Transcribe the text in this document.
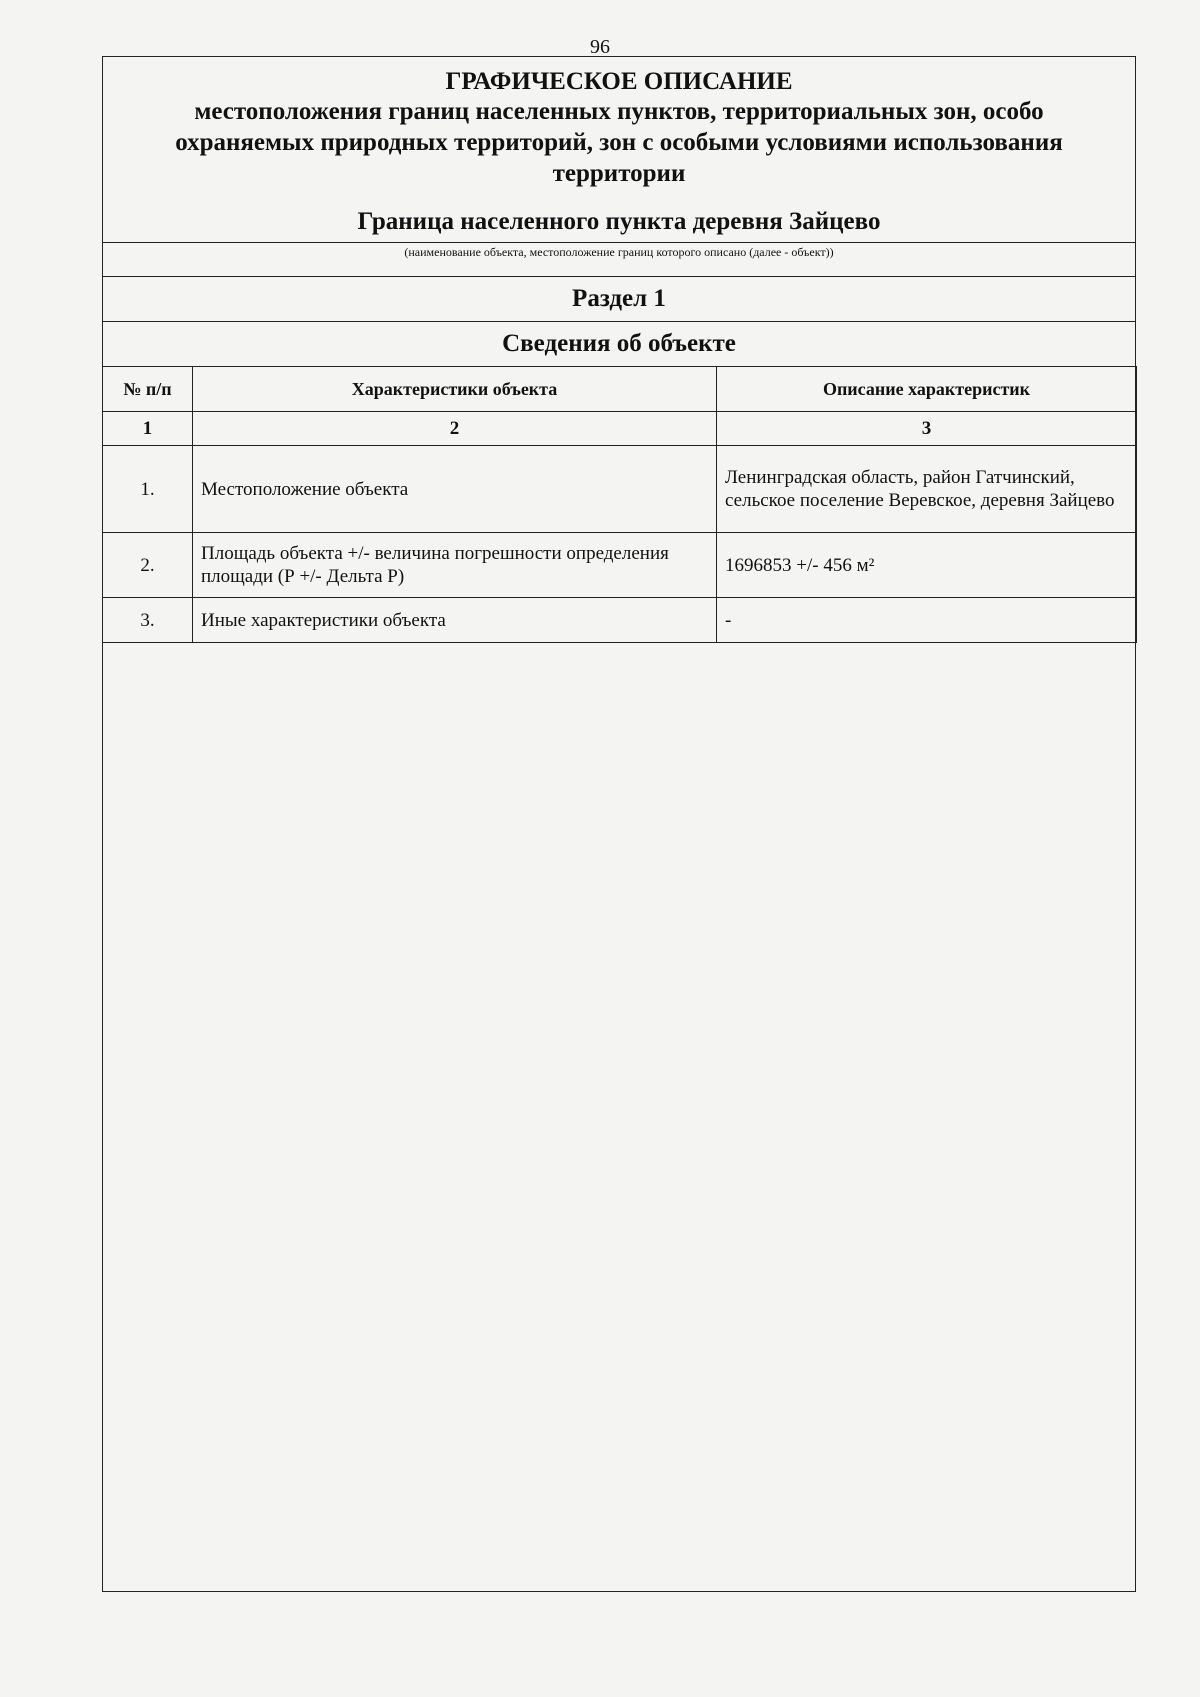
96
ГРАФИЧЕСКОЕ ОПИСАНИЕ
местоположения границ населенных пунктов, территориальных зон, особо охраняемых природных территорий, зон с особыми условиями использования территории
Граница населенного пункта деревня Зайцево
(наименование объекта, местоположение границ которого описано (далее - объект))
Раздел 1
Сведения об объекте
№ п/п	Характеристики объекта	Описание характеристик
1	2	3
1.	Местоположение объекта	Ленинградская область, район Гатчинский, сельское поселение Веревское, деревня Зайцево
2.	Площадь объекта +/- величина погрешности определения площади (Р +/- Дельта Р)	1696853 +/- 456 м²
3.	Иные характеристики объекта	-
